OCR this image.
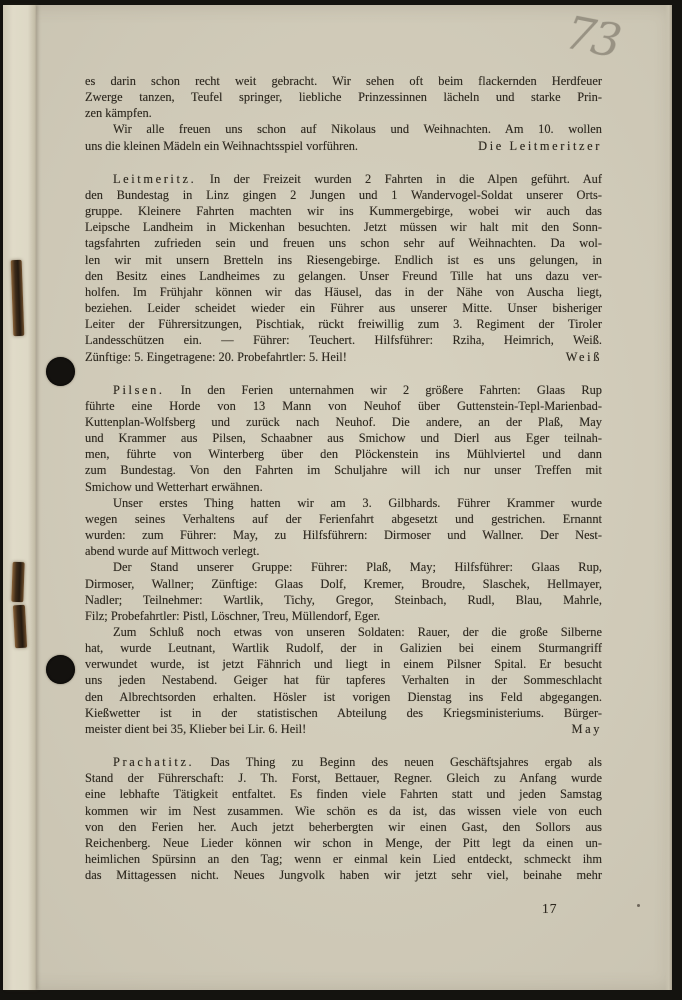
73
es darin schon recht weit gebracht. Wir sehen oft beim flackernden Herdfeuer
Zwerge tanzen, Teufel springer, liebliche Prinzessinnen lächeln und starke Prin-
zen kämpfen.
Wir alle freuen uns schon auf Nikolaus und Weihnachten. Am 10. wollen
uns die kleinen Mädeln ein Weihnachtsspiel vorführen.	Die Leitmeritzer
Leitmeritz. In der Freizeit wurden 2 Fahrten in die Alpen geführt. Auf
den Bundestag in Linz gingen 2 Jungen und 1 Wandervogel-Soldat unserer Orts-
gruppe. Kleinere Fahrten machten wir ins Kummergebirge, wobei wir auch das
Leipsche Landheim in Mickenhan besuchten. Jetzt müssen wir halt mit den Sonn-
tagsfahrten zufrieden sein und freuen uns schon sehr auf Weihnachten. Da wol-
len wir mit unsern Bretteln ins Riesengebirge. Endlich ist es uns gelungen, in
den Besitz eines Landheimes zu gelangen. Unser Freund Tille hat uns dazu ver-
holfen. Im Frühjahr können wir das Häusel, das in der Nähe von Auscha liegt,
beziehen. Leider scheidet wieder ein Führer aus unserer Mitte. Unser bisheriger
Leiter der Führersitzungen, Pischtiak, rückt freiwillig zum 3. Regiment der Tiroler
Landesschützen ein. — Führer: Teuchert. Hilfsführer: Rziha, Heimrich, Weiß.
Zünftige: 5. Eingetragene: 20. Probefahrtler: 5. Heil!	Weiß
Pilsen. In den Ferien unternahmen wir 2 größere Fahrten: Glaas Rup
führte eine Horde von 13 Mann von Neuhof über Guttenstein-Tepl-Marienbad-
Kuttenplan-Wolfsberg und zurück nach Neuhof. Die andere, an der Plaß, May
und Krammer aus Pilsen, Schaabner aus Smichow und Dierl aus Eger teilnah-
men, führte von Winterberg über den Plöckenstein ins Mühlviertel und dann
zum Bundestag. Von den Fahrten im Schuljahre will ich nur unser Treffen mit
Smichow und Wetterhart erwähnen.
Unser erstes Thing hatten wir am 3. Gilbhards. Führer Krammer wurde
wegen seines Verhaltens auf der Ferienfahrt abgesetzt und gestrichen. Ernannt
wurden: zum Führer: May, zu Hilfsführern: Dirmoser und Wallner. Der Nest-
abend wurde auf Mittwoch verlegt.
Der Stand unserer Gruppe: Führer: Plaß, May; Hilfsführer: Glaas Rup,
Dirmoser, Wallner; Zünftige: Glaas Dolf, Kremer, Broudre, Slaschek, Hellmayer,
Nadler; Teilnehmer: Wartlik, Tichy, Gregor, Steinbach, Rudl, Blau, Mahrle,
Filz; Probefahrtler: Pistl, Löschner, Treu, Müllendorf, Eger.
Zum Schluß noch etwas von unseren Soldaten: Rauer, der die große Silberne
hat, wurde Leutnant, Wartlik Rudolf, der in Galizien bei einem Sturmangriff
verwundet wurde, ist jetzt Fähnrich und liegt in einem Pilsner Spital. Er besucht
uns jeden Nestabend. Geiger hat für tapferes Verhalten in der Sommeschlacht
den Albrechtsorden erhalten. Hösler ist vorigen Dienstag ins Feld abgegangen.
Kießwetter ist in der statistischen Abteilung des Kriegsministeriums. Bürger-
meister dient bei 35, Klieber bei Lir. 6. Heil!	May
Prachatitz. Das Thing zu Beginn des neuen Geschäftsjahres ergab als
Stand der Führerschaft: J. Th. Forst, Bettauer, Regner. Gleich zu Anfang wurde
eine lebhafte Tätigkeit entfaltet. Es finden viele Fahrten statt und jeden Samstag
kommen wir im Nest zusammen. Wie schön es da ist, das wissen viele von euch
von den Ferien her. Auch jetzt beherbergten wir einen Gast, den Sollors aus
Reichenberg. Neue Lieder können wir schon in Menge, der Pitt legt da einen un-
heimlichen Spürsinn an den Tag; wenn er einmal kein Lied entdeckt, schmeckt ihm
das Mittagessen nicht. Neues Jungvolk haben wir jetzt sehr viel, beinahe mehr
17
